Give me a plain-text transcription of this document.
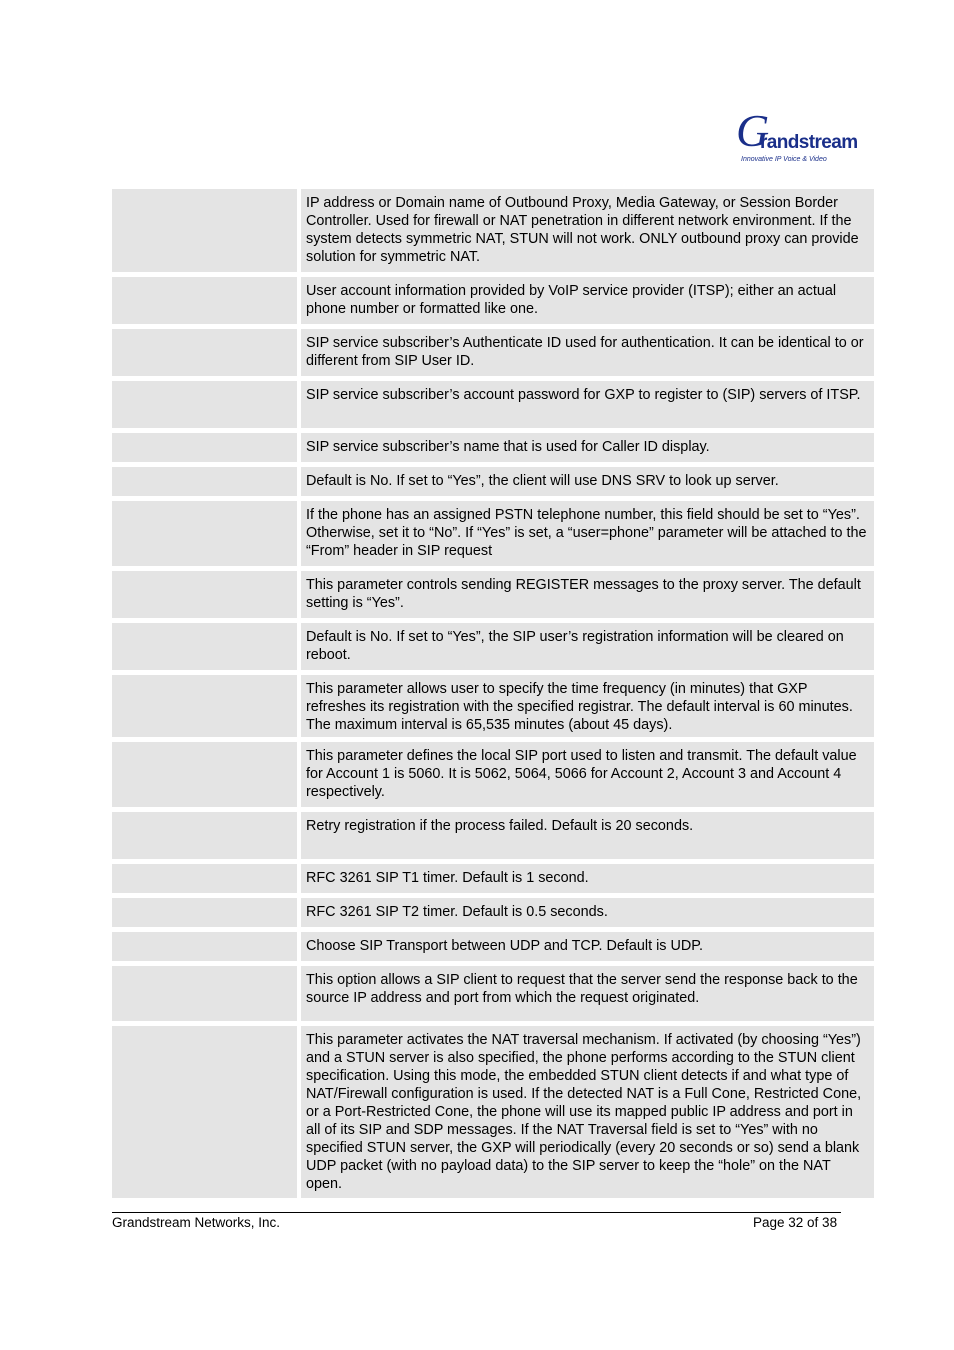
G
randstream
Innovative IP Voice & Video
IP address or Domain name of Outbound Proxy, Media Gateway, or Session Border Controller. Used for firewall or NAT penetration in different network environment. If the system detects symmetric NAT, STUN will not work. ONLY outbound proxy can provide solution for symmetric NAT.
User account information provided by VoIP service provider (ITSP); either an actual phone number or formatted like one.
SIP service subscriber’s Authenticate ID used for authentication. It can be identical to or different from SIP User ID.
SIP service subscriber’s account password for GXP to register to (SIP) servers of ITSP.
SIP service subscriber’s name that is used for Caller ID display.
Default is No. If set to “Yes”, the client will use DNS SRV to look up server.
If the phone has an assigned PSTN telephone number, this field should be set to “Yes”. Otherwise, set it to “No”. If “Yes” is set, a “user=phone” parameter will be attached to the “From” header in SIP request
This parameter controls sending REGISTER messages to the proxy server. The default setting is “Yes”.
Default is No. If set to “Yes”, the SIP user’s registration information will be cleared on reboot.
This parameter allows user to specify the time frequency (in minutes) that GXP refreshes its registration with the specified registrar. The default interval is 60 minutes. The maximum interval is 65,535 minutes (about 45 days).
This parameter defines the local SIP port used to listen and transmit. The default value for Account 1 is 5060. It is 5062, 5064, 5066 for Account 2, Account 3 and Account 4 respectively.
Retry registration if the process failed. Default is 20 seconds.
RFC 3261 SIP T1 timer. Default is 1 second.
RFC 3261 SIP T2 timer. Default is 0.5 seconds.
Choose SIP Transport between UDP and TCP. Default is UDP.
This option allows a SIP client to request that the server send the response back to the source IP address and port from which the request originated.
This parameter activates the NAT traversal mechanism. If activated (by choosing “Yes”) and a STUN server is also specified, the phone performs according to the STUN client specification. Using this mode, the embedded STUN client detects if and what type of NAT/Firewall configuration is used. If the detected NAT is a Full Cone, Restricted Cone, or a Port-Restricted Cone, the phone will use its mapped public IP address and port in all of its SIP and SDP messages. If the NAT Traversal field is set to “Yes” with no specified STUN server, the GXP will periodically (every 20 seconds or so) send a blank UDP packet (with no payload data) to the SIP server to keep the “hole” on the NAT open.
Grandstream Networks, Inc.	Page 32 of 38
